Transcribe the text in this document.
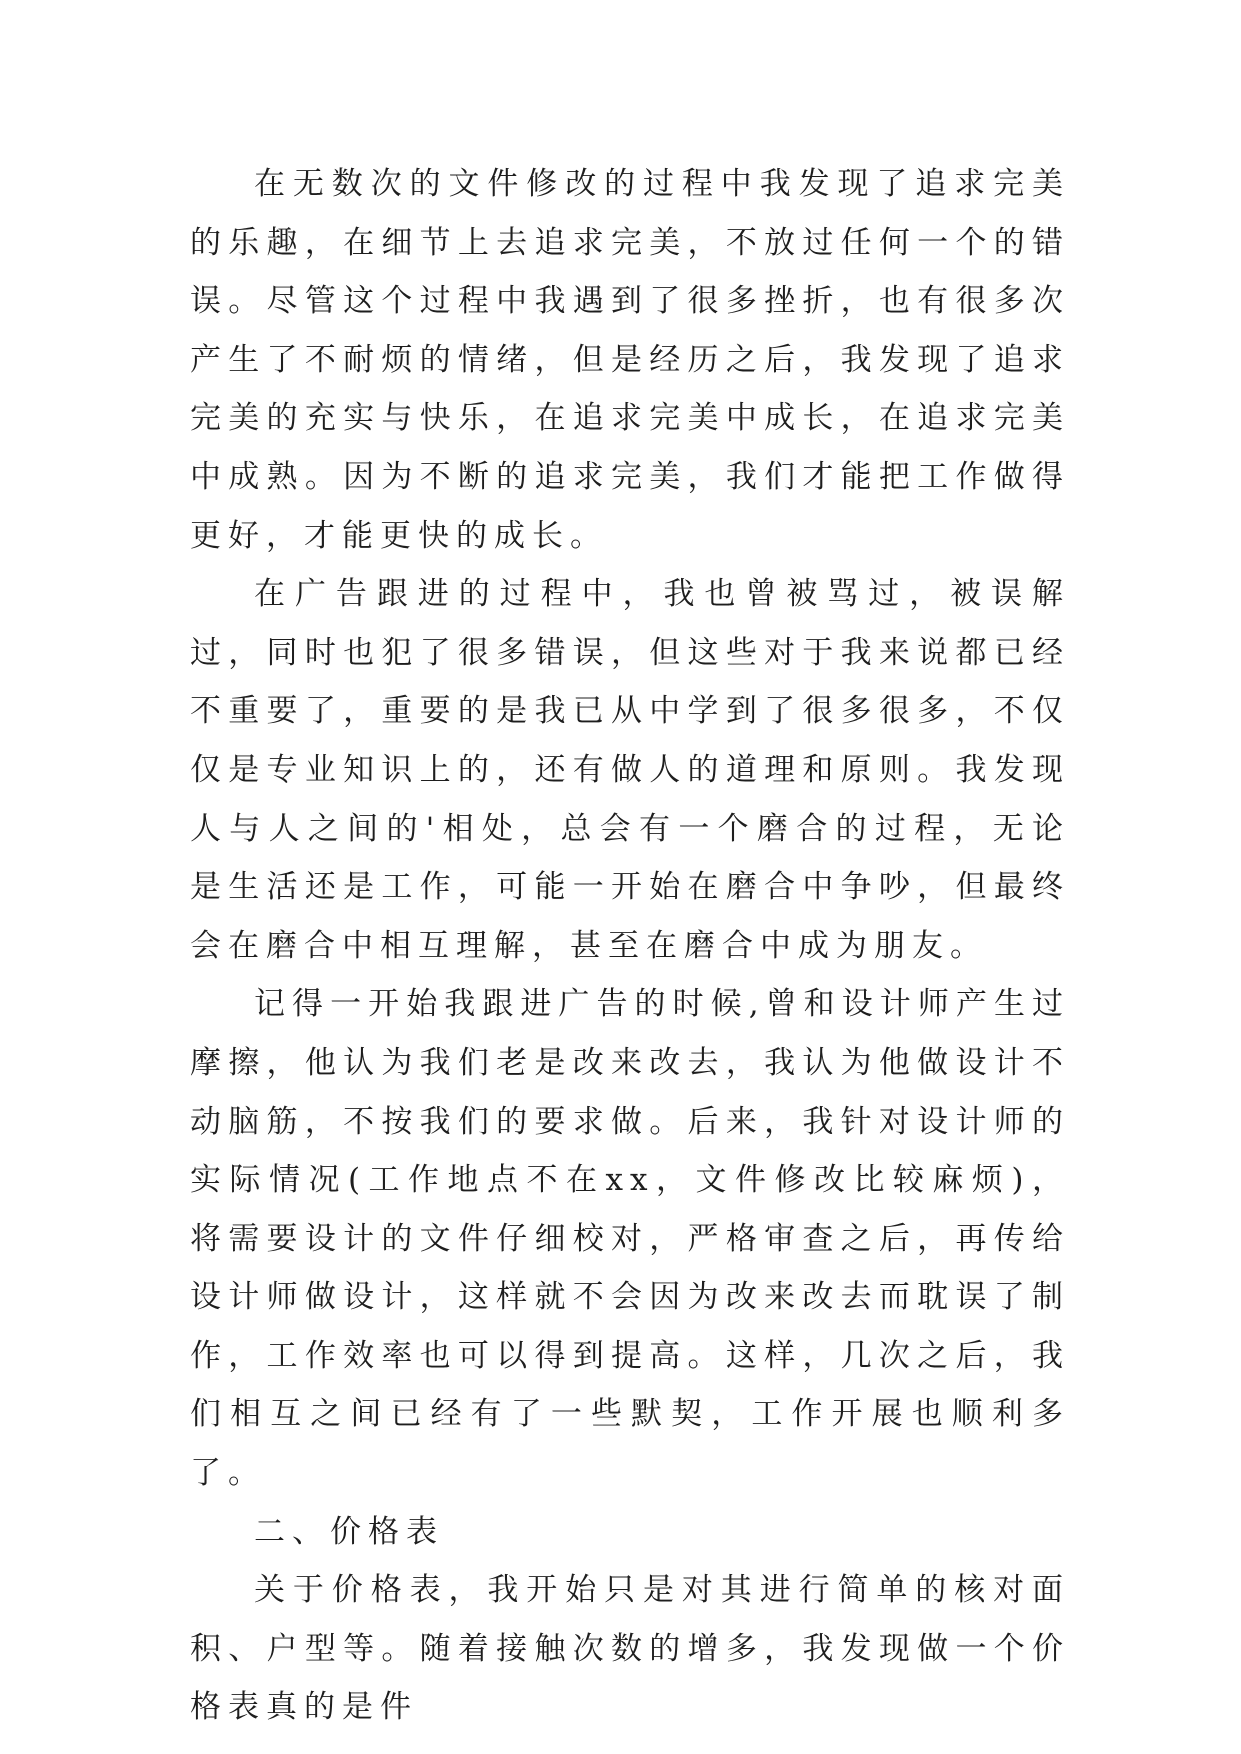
在无数次的文件修改的过程中我发现了追求完美的乐趣，在细节上去追求完美，不放过任何一个的错误。尽管这个过程中我遇到了很多挫折，也有很多次产生了不耐烦的情绪，但是经历之后，我发现了追求完美的充实与快乐，在追求完美中成长，在追求完美中成熟。因为不断的追求完美，我们才能把工作做得更好，才能更快的成长。

在广告跟进的过程中，我也曾被骂过，被误解过，同时也犯了很多错误，但这些对于我来说都已经不重要了，重要的是我已从中学到了很多很多，不仅仅是专业知识上的，还有做人的道理和原则。我发现人与人之间的'相处，总会有一个磨合的过程，无论是生活还是工作，可能一开始在磨合中争吵，但最终会在磨合中相互理解，甚至在磨合中成为朋友。

记得一开始我跟进广告的时候,曾和设计师产生过摩擦，他认为我们老是改来改去，我认为他做设计不动脑筋，不按我们的要求做。后来，我针对设计师的实际情况(工作地点不在xx，文件修改比较麻烦)，将需要设计的文件仔细校对，严格审查之后，再传给设计师做设计，这样就不会因为改来改去而耽误了制作，工作效率也可以得到提高。这样，几次之后，我们相互之间已经有了一些默契，工作开展也顺利多了。

二、价格表

关于价格表，我开始只是对其进行简单的核对面积、户型等。随着接触次数的增多，我发现做一个价格表真的是件
